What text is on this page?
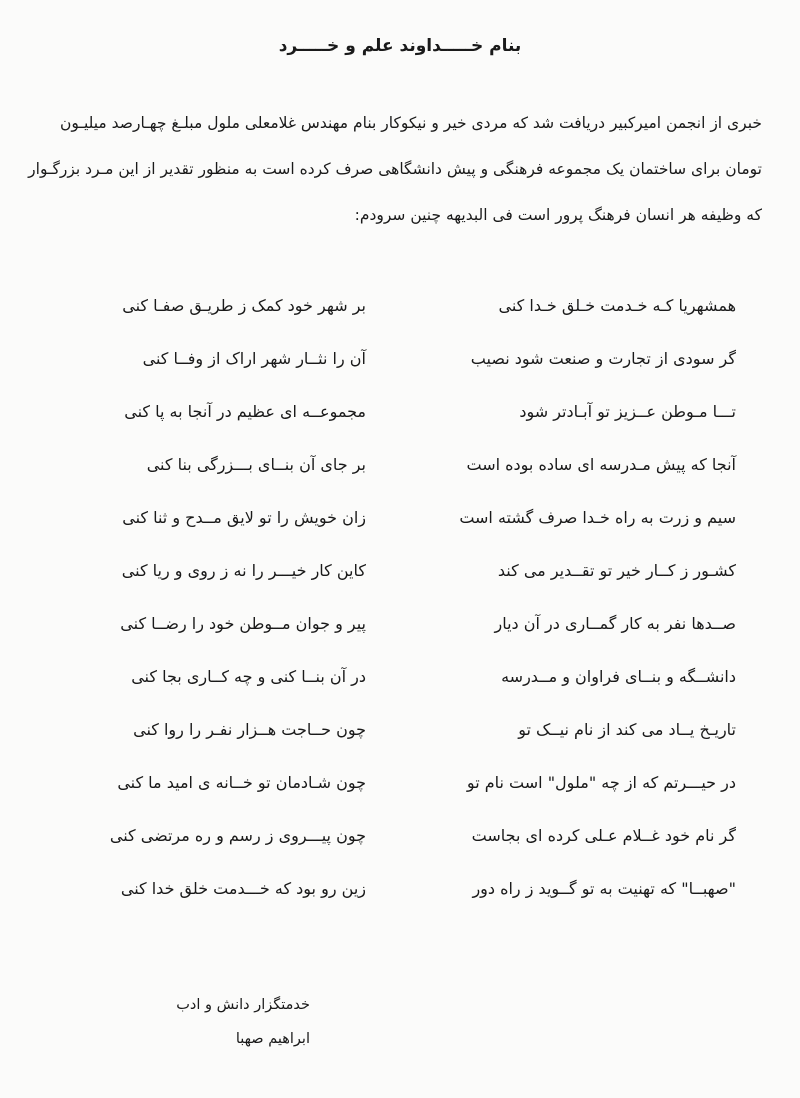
بنام خـــــداوند علم و خـــــرد
خبری از انجمن امیرکبیر دریافت شد که مردی خیر و نیکوکار بنام مهندس غلامعلی ملول مبلـغ چهـارصد میلیـون
تومان برای ساختمان یک مجموعه فرهنگی و پیش دانشگاهی صرف کرده است به منظور تقدیر از این مـرد بزرگـوار
که وظیفه هر انسان فرهنگ پرور است فی البدیهه چنین سرودم:
همشهریا کـه خـدمت خـلق خـدا کنی
بر شهر خود کمک ز طریـق صفـا کنی
گر سودی از تجارت و صنعت شود نصیب
آن را نثــار شهر اراک از وفــا کنی
تـــا مـوطن عــزیز تو آبـادتر شود
مجموعــه ای عظیم در آنجا به پا کنی
آنجا که پیش مـدرسه ای ساده بوده است
بر جای آن بنــای بـــزرگی بنا کنی
سیم و زرت به راه خـدا صرف گشته است
زان خویش را تو لایق مــدح و ثنا کنی
کشـور ز کــار خیر تو تقــدیر می کند
کاین کار خیـــر را نه ز روی و ریا کنی
صــدها نفر به کار گمــاری در آن دیار
پیر و جوان مــوطن خود را رضــا کنی
دانشــگه و بنــای فراوان و مــدرسه
در آن بنــا کنی و چه کــاری بجا کنی
تاریـخ یــاد می کند از نام نیــک تو
چون حــاجت هــزار نفـر را روا کنی
در حیـــرتم که از چه "ملول" است نام تو
چون شـادمان تو خــانه ی امید ما کنی
گر نام خود غــلام عـلی کرده ای بجاست
چون پیـــروی ز رسم و ره مرتضی کنی
"صهبــا" که تهنیت به تو گــوید ز راه دور
زین رو بود که خـــدمت خلق خدا کنی
خدمتگزار دانش و ادب
ابراهیم صهبا
